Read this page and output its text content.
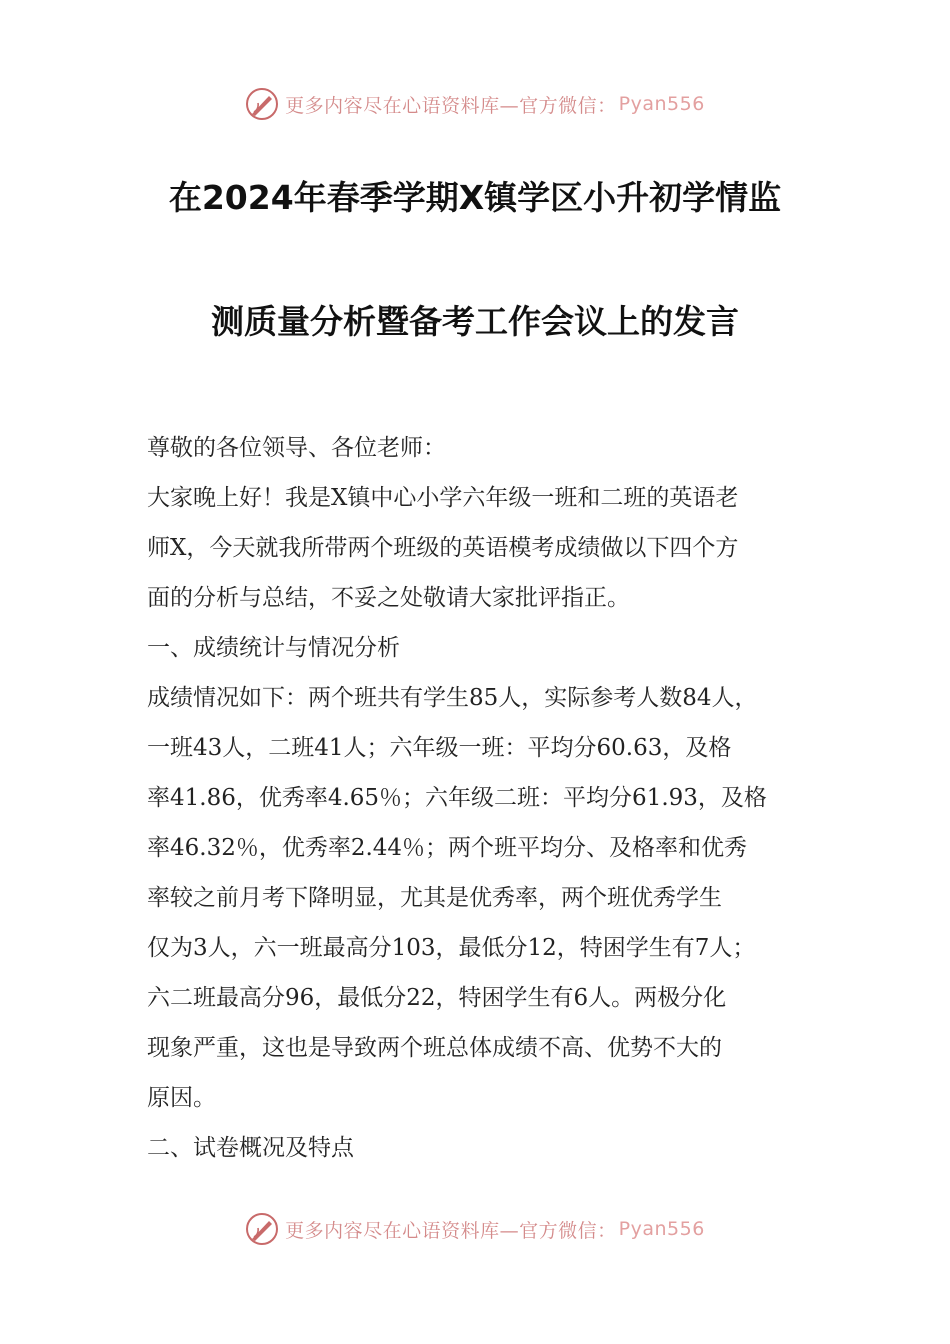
更多内容尽在心语资料库—官方微信： Pyan556
在2024年春季学期X镇学区小升初学情监
测质量分析暨备考工作会议上的发言

尊敬的各位领导、各位老师：

大家晚上好！我是X镇中心小学六年级一班和二班的英语老

师X，今天就我所带两个班级的英语模考成绩做以下四个方

面的分析与总结，不妥之处敬请大家批评指正。

一、成绩统计与情况分析

成绩情况如下：两个班共有学生85人，实际参考人数84人，

一班43人，二班41人；六年级一班：平均分60.63，及格

率41.86，优秀率4.65％；六年级二班：平均分61.93，及格

率46.32％，优秀率2.44％；两个班平均分、及格率和优秀

率较之前月考下降明显，尤其是优秀率，两个班优秀学生

仅为3人，六一班最高分103，最低分12，特困学生有7人；

六二班最高分96，最低分22，特困学生有6人。两极分化

现象严重，这也是导致两个班总体成绩不高、优势不大的

原因。

二、试卷概况及特点

更多内容尽在心语资料库—官方微信： Pyan556
